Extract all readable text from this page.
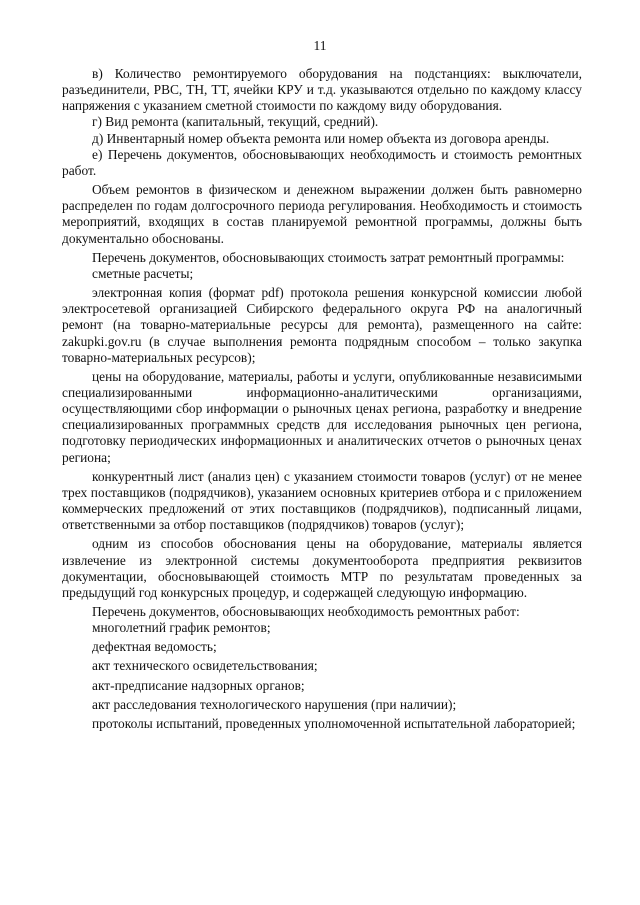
11

в) Количество ремонтируемого оборудования на подстанциях: выключатели, разъединители, РВС, ТН, ТТ, ячейки КРУ и т.д. указываются отдельно по каждому классу напряжения с указанием сметной стоимости по каждому виду оборудования.

г) Вид ремонта (капитальный, текущий, средний).

д) Инвентарный номер объекта ремонта или номер объекта из договора аренды.

е) Перечень документов, обосновывающих необходимость и стоимость ремонтных работ.

Объем ремонтов в физическом и денежном выражении должен быть равномерно распределен по годам долгосрочного периода регулирования. Необходимость и стоимость мероприятий, входящих в состав планируемой ремонтной программы, должны быть документально обоснованы.

Перечень документов, обосновывающих стоимость затрат ремонтный программы:

сметные расчеты;

электронная копия (формат pdf) протокола решения конкурсной комиссии любой электросетевой организацией Сибирского федерального округа РФ на аналогичный ремонт (на товарно-материальные ресурсы для ремонта), размещенного на сайте: zakupki.gov.ru (в случае выполнения ремонта подрядным способом – только закупка товарно-материальных ресурсов);

цены на оборудование, материалы, работы и услуги, опубликованные независимыми специализированными информационно-аналитическими организациями, осуществляющими сбор информации о рыночных ценах региона, разработку и внедрение специализированных программных средств для исследования рыночных цен региона, подготовку периодических информационных и аналитических отчетов о рыночных ценах региона;

конкурентный лист (анализ цен) с указанием стоимости товаров (услуг) от не менее трех поставщиков (подрядчиков), указанием основных критериев отбора и с приложением коммерческих предложений от этих поставщиков (подрядчиков), подписанный лицами, ответственными за отбор поставщиков (подрядчиков) товаров (услуг);

одним из способов обоснования цены на оборудование, материалы является извлечение из электронной системы документооборота предприятия реквизитов документации, обосновывающей стоимость МТР по результатам проведенных за предыдущий год конкурсных процедур, и содержащей следующую информацию.

Перечень документов, обосновывающих необходимость ремонтных работ:

многолетний график ремонтов;

дефектная ведомость;

акт технического освидетельствования;

акт-предписание надзорных органов;

акт расследования технологического нарушения (при наличии);

протоколы испытаний, проведенных уполномоченной испытательной лабораторией;
